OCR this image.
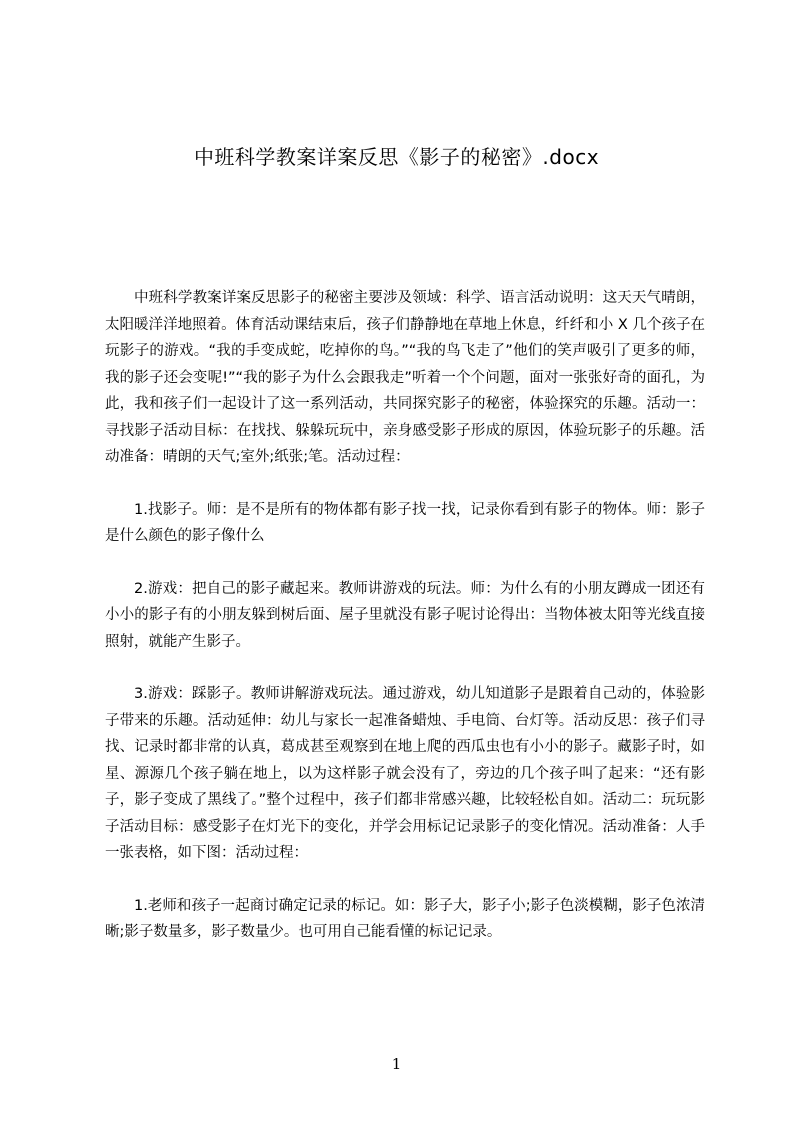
中班科学教案详案反思《影子的秘密》.docx

中班科学教案详案反思影子的秘密主要涉及领域：科学、语言活动说明：这天天气晴朗，太阳暖洋洋地照着。体育活动课结束后，孩子们静静地在草地上休息，纤纤和小 X 几个孩子在玩影子的游戏。“我的手变成蛇，吃掉你的鸟。”“我的鸟飞走了”他们的笑声吸引了更多的师，我的影子还会变呢!”“我的影子为什么会跟我走”听着一个个问题，面对一张张好奇的面孔，为此，我和孩子们一起设计了这一系列活动，共同探究影子的秘密，体验探究的乐趣。活动一：寻找影子活动目标：在找找、躲躲玩玩中，亲身感受影子形成的原因，体验玩影子的乐趣。活动准备：晴朗的天气;室外;纸张;笔。活动过程：

1.找影子。师：是不是所有的物体都有影子找一找，记录你看到有影子的物体。师：影子是什么颜色的影子像什么

2.游戏：把自己的影子藏起来。教师讲游戏的玩法。师：为什么有的小朋友蹲成一团还有小小的影子有的小朋友躲到树后面、屋子里就没有影子呢讨论得出：当物体被太阳等光线直接照射，就能产生影子。

3.游戏：踩影子。教师讲解游戏玩法。通过游戏，幼儿知道影子是跟着自己动的，体验影子带来的乐趣。活动延伸：幼儿与家长一起准备蜡烛、手电筒、台灯等。活动反思：孩子们寻找、记录时都非常的认真，葛成甚至观察到在地上爬的西瓜虫也有小小的影子。藏影子时，如星、源源几个孩子躺在地上，以为这样影子就会没有了，旁边的几个孩子叫了起来：“还有影子，影子变成了黑线了。”整个过程中，孩子们都非常感兴趣，比较轻松自如。活动二：玩玩影子活动目标：感受影子在灯光下的变化，并学会用标记记录影子的变化情况。活动准备：人手一张表格，如下图：活动过程：

1.老师和孩子一起商讨确定记录的标记。如：影子大，影子小;影子色淡模糊，影子色浓清晰;影子数量多，影子数量少。也可用自己能看懂的标记记录。

1
